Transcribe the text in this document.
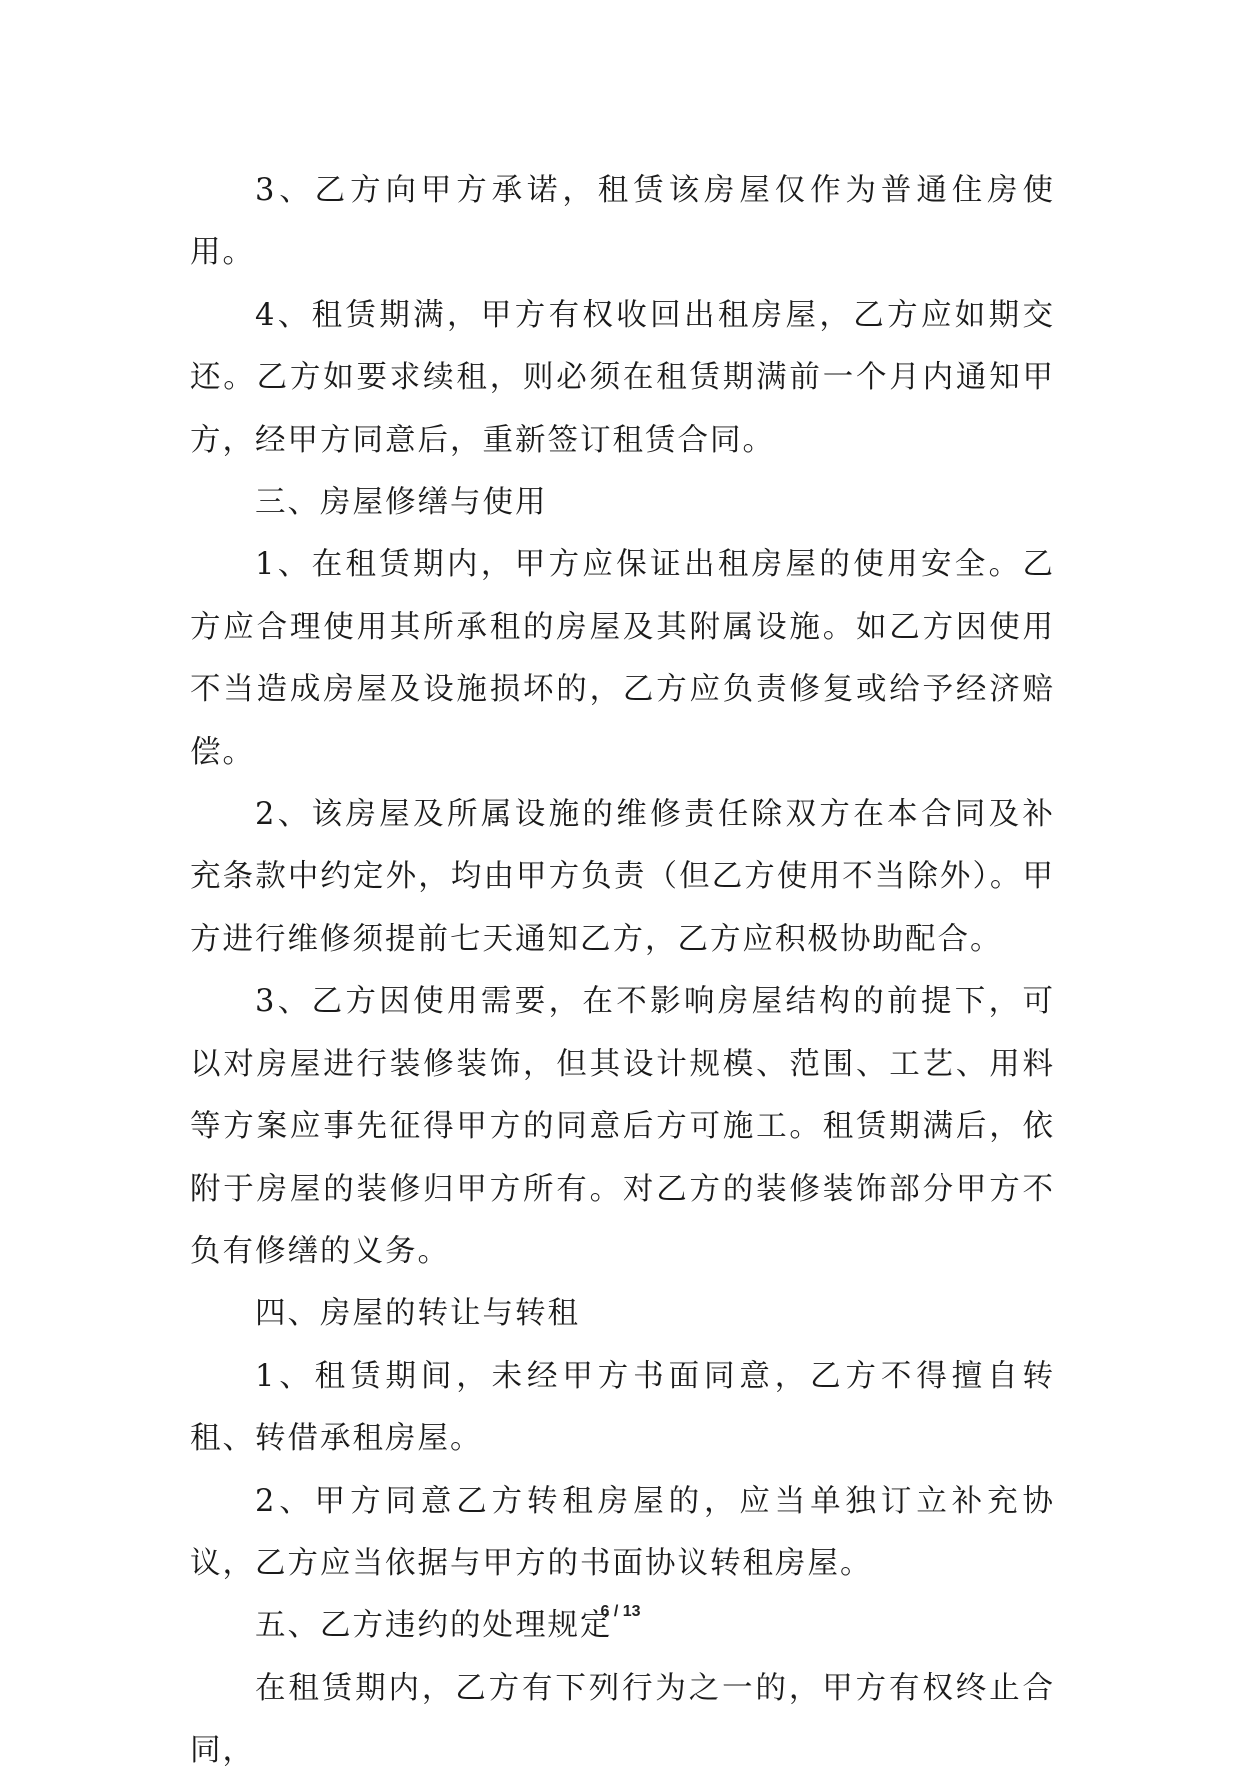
3、乙方向甲方承诺，租赁该房屋仅作为普通住房使用。

4、租赁期满，甲方有权收回出租房屋，乙方应如期交还。乙方如要求续租，则必须在租赁期满前一个月内通知甲方，经甲方同意后，重新签订租赁合同。

三、房屋修缮与使用

1、在租赁期内，甲方应保证出租房屋的使用安全。乙方应合理使用其所承租的房屋及其附属设施。如乙方因使用不当造成房屋及设施损坏的，乙方应负责修复或给予经济赔偿。

2、该房屋及所属设施的维修责任除双方在本合同及补充条款中约定外，均由甲方负责（但乙方使用不当除外）。甲方进行维修须提前七天通知乙方，乙方应积极协助配合。

3、乙方因使用需要，在不影响房屋结构的前提下，可以对房屋进行装修装饰，但其设计规模、范围、工艺、用料等方案应事先征得甲方的同意后方可施工。租赁期满后，依附于房屋的装修归甲方所有。对乙方的装修装饰部分甲方不负有修缮的义务。

四、房屋的转让与转租

1、租赁期间，未经甲方书面同意，乙方不得擅自转租、转借承租房屋。

2、甲方同意乙方转租房屋的，应当单独订立补充协议，乙方应当依据与甲方的书面协议转租房屋。

五、乙方违约的处理规定

在租赁期内，乙方有下列行为之一的，甲方有权终止合同，

6 / 13
